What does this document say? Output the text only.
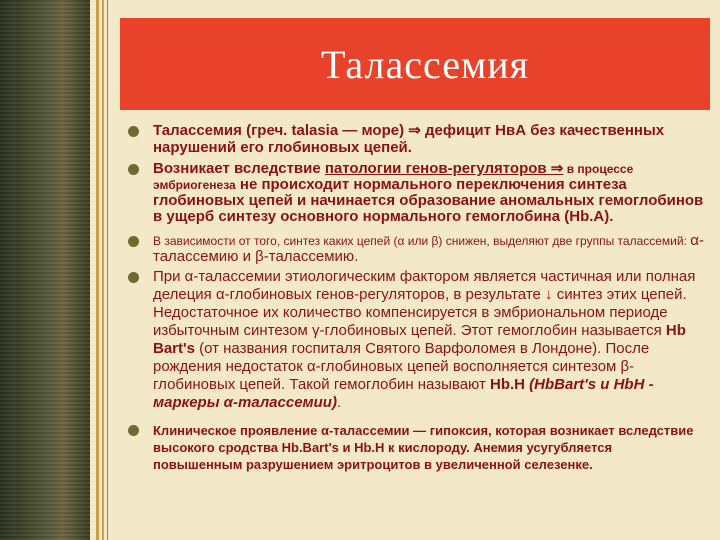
Талассемия
Талассемия (греч. talasia — море) ⇒ дефицит НвА без качественных нарушений его глобиновых цепей.
Возникает вследствие патологии генов-регуляторов ⇒ в процессе эмбриогенеза не происходит нормального переключения синтеза глобиновых цепей и начинается образование аномальных гемоглобинов в ущерб синтезу основного нормального гемоглобина (Hb.A).
В зависимости от того, синтез каких цепей (α или β) снижен, выделяют две группы талассемий: α-талассемию и β-талассемию.
При α-талассемии этиологическим фактором является частичная или полная делеция α-глобиновых генов-регуляторов, в результате ↓ синтез этих цепей. Недостаточное их количество компенсируется в эмбриональном периоде избыточным синтезом γ-глобиновых цепей. Этот гемоглобин называется Hb Bart's (от названия госпиталя Святого Варфоломея в Лондоне). После рождения недостаток α-глобиновых цепей восполняется синтезом β-глобиновых цепей. Такой гемоглобин называют Hb.H (HbBart's и HbH - маркеры α-талассемии).
Клиническое проявление α-талассемии — гипоксия, которая возникает вследствие высокого сродства Hb.Bart's и Hb.H к кислороду. Анемия усугубляется повышенным разрушением эритроцитов в увеличенной селезенке.
